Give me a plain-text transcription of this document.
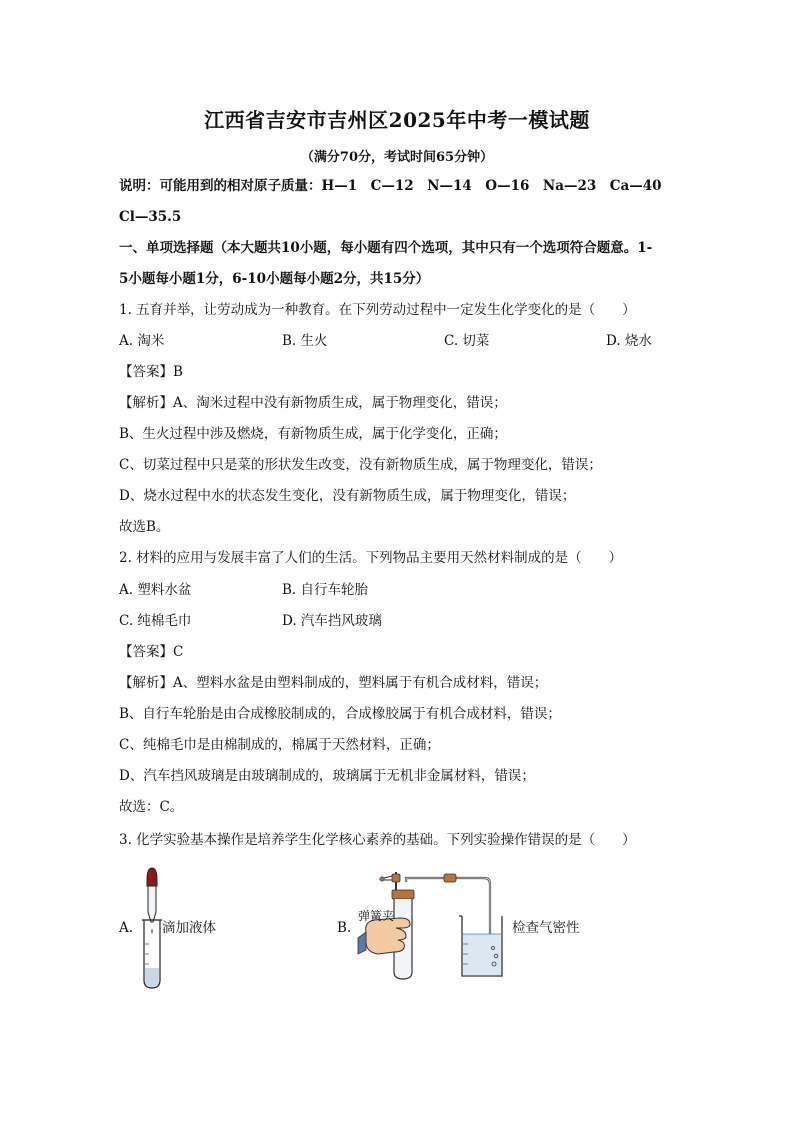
江西省吉安市吉州区2025年中考一模试题
（满分70分，考试时间65分钟）
说明：可能用到的相对原子质量：H—1　C—12　N—14　O—16　Na—23　Ca—40
Cl—35.5
一、单项选择题（本大题共10小题，每小题有四个选项，其中只有一个选项符合题意。1-
5小题每小题1分，6-10小题每小题2分，共15分）
1. 五育并举，让劳动成为一种教育。在下列劳动过程中一定发生化学变化的是（　　）
A. 淘米	B. 生火	C. 切菜	D. 烧水
【答案】B
【解析】A、淘米过程中没有新物质生成，属于物理变化，错误；
B、生火过程中涉及燃烧，有新物质生成，属于化学变化，正确；
C、切菜过程中只是菜的形状发生改变，没有新物质生成，属于物理变化，错误；
D、烧水过程中水的状态发生变化，没有新物质生成，属于物理变化，错误；
故选B。
2. 材料的应用与发展丰富了人们的生活。下列物品主要用天然材料制成的是（　　）
A. 塑料水盆	B. 自行车轮胎
C. 纯棉毛巾	D. 汽车挡风玻璃
【答案】C
【解析】A、塑料水盆是由塑料制成的，塑料属于有机合成材料，错误；
B、自行车轮胎是由合成橡胶制成的，合成橡胶属于有机合成材料，错误；
C、纯棉毛巾是由棉制成的，棉属于天然材料，正确；
D、汽车挡风玻璃是由玻璃制成的，玻璃属于无机非金属材料，错误；
故选：C。
3. 化学实验基本操作是培养学生化学核心素养的基础。下列实验操作错误的是（　　）
A. 滴加液体	B.	检查气密性
弹簧夹
